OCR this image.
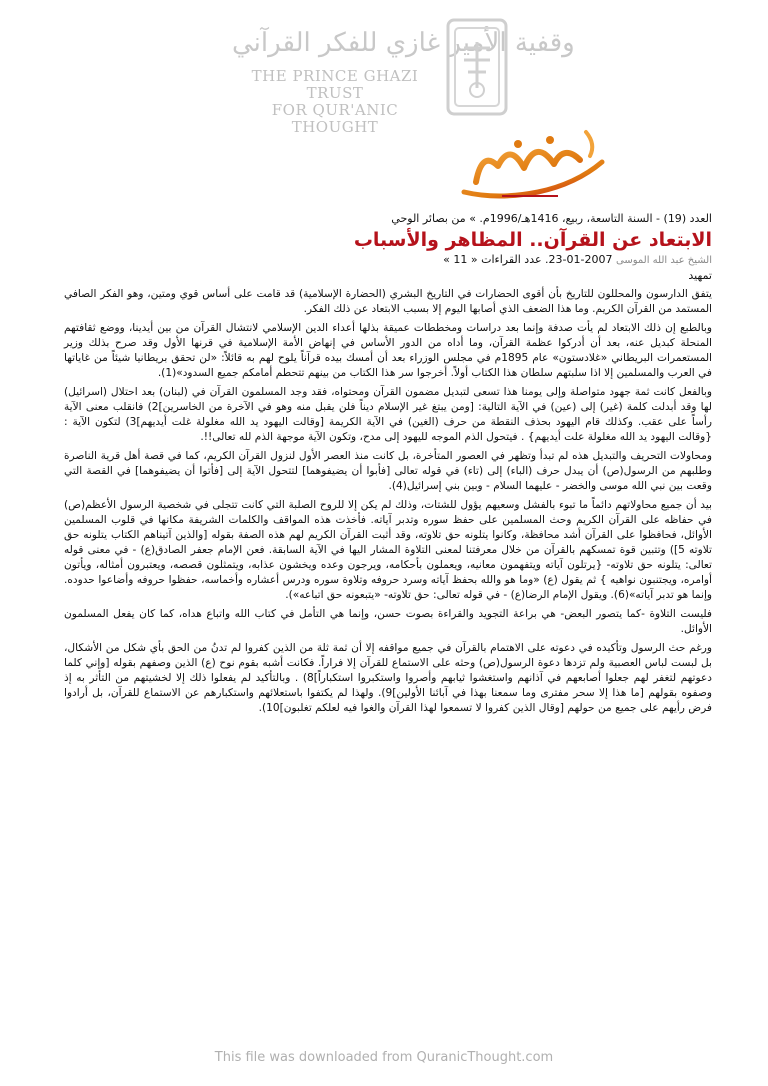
وقفية الأمير غازي للفكر القرآني
THE PRINCE GHAZI TRUST
FOR QUR'ANIC THOUGHT
العدد (19) - السنة التاسعة، ربيع، 1416هـ/1996م. » من بصائر الوحي
الابتعاد عن القرآن.. المظاهر والأسباب
الشيخ عبد الله الموسى 2007-01-23. عدد القراءات « 11 »
تمهيد

يتفق الدارسون والمحللون للتاريخ بأن أقوى الحضارات في التاريخ البشري (الحضارة الإسلامية) قد قامت على أساس قوي ومتين، وهو الفكر الصافي المستمد من القرآن الكريم. وما هذا الضعف الذي أصابها اليوم إلا بسبب الابتعاد عن ذلك الفكر.

وبالطبع إن ذلك الابتعاد لم يأت صدفة وإنما بعد دراسات ومخططات عميقة بذلها أعداء الدين الإسلامي لانتشال القرآن من بين أيدينا، ووضع ثقافتهم المنحلة كبديل عنه، بعد أن أدركوا عظمة القرآن، وما أداه من الدور الأساس في إنهاض الأمة الإسلامية في قرنها الأول وقد صرح بذلك وزير المستعمرات البريطاني «غلادستون» عام 1895م في مجلس الوزراء بعد أن أمسك بيده قرآناً يلوح لهم به قائلاً: «لن تحقق بريطانيا شيئاً من غاياتها في العرب والمسلمين إلا اذا سلبتهم سلطان هذا الكتاب أولاً. أخرجوا سر هذا الكتاب من بينهم تتحطم أمامكم جميع السدود»(1).

وبالفعل كانت ثمة جهود متواصلة وإلى يومنا هذا تسعى لتبديل مضمون القرآن ومحتواه، فقد وجد المسلمون القرآن في (لبنان) بعد احتلال (اسرائيل) لها وقد أبدلت كلمة (غير) إلى (عين) في الآية التالية: [ومن يبتغ غير الإسلام ديناً فلن يقبل منه وهو في الآخرة من الخاسرين]2) فانقلب معنى الآية رأساً على عقب. وكذلك قام اليهود بحذف النقطة من حرف (الغين) في الآية الكريمة [وقالت اليهود يد الله مغلولة غلت أيديهم]3) لتكون الآية : {وقالت اليهود يد الله مغلولة علت أيديهم} . فيتحول الذم الموجه لليهود إلى مدح، وتكون الآية موجهة الذم لله تعالى!!.

ومحاولات التحريف والتبديل هذه لم تبدأ وتظهر في العصور المتأخرة، بل كانت منذ العصر الأول لنزول القرآن الكريم، كما في قصة أهل قرية الناصرة وطلبهم من الرسول(ص) أن يبدل حرف (الباء) إلى (تاء) في قوله تعالى [فأبوا أن يضيفوهما] لتتحول الآية إلى [فأتوا أن يضيفوهما] في القصة التي وقعت بين نبي الله موسى والخضر - عليهما السلام - وبين بني إسرائيل(4).

بيد أن جميع محاولاتهم دائماً ما تبوء بالفشل وسعيهم يؤول للشتات، وذلك لم يكن إلا للروح الصلبة التي كانت تتجلى في شخصية الرسول الأعظم(ص) في حفاظه على القرآن الكريم وحث المسلمين على حفظ سوره وتدبر آياته. فأخذت هذه المواقف والكلمات الشريفة مكانها في قلوب المسلمين الأوائل، فحافظوا على القرآن أشد محافظة، وكانوا يتلونه حق تلاوته، وقد أثبت القرآن الكريم لهم هذه الصفة بقوله [والذين آتيناهم الكتاب يتلونه حق تلاوته 5]) وتتبين قوة تمسكهم بالقرآن من خلال معرفتنا لمعنى التلاوة المشار اليها في الآية السابقة. فعن الإمام جعفر الصادق(ع) - في معنى قوله تعالى: يتلونه حق تلاوته- {يرتلون آياته ويتفهمون معانيه، ويعملون بأحكامه، ويرجون وعده ويخشون عذابه، ويتمثلون قصصه، ويعتبرون أمثاله، ويأتون أوامره، ويجتنبون نواهيه } ثم يقول (ع) «وما هو والله بحفظ آياته وسرد حروفه وتلاوة سوره ودرس أعشاره وأخماسه، حفظوا حروفه وأضاعوا حدوده. وإنما هو تدبر آياته»(6). ويقول الإمام الرضا(ع) - في قوله تعالى: حق تلاوته- «يتبعونه حق اتباعه»).

فليست التلاوة -كما يتصور البعض- هي براعة التجويد والقراءة بصوت حسن، وإنما هي التأمل في كتاب الله واتباع هداه، كما كان يفعل المسلمون الأوائل.

ورغم حث الرسول وتأكيده في دعوته على الاهتمام بالقرآن في جميع مواقفه إلا أن ثمة ثلة من الذين كفروا لم تدنُ من الحق بأي شكل من الأشكال، بل لبست لباس العصبية ولم تزدها دعوة الرسول(ص) وحثه على الاستماع للقرآن إلا فراراً. فكانت أشبه بقوم نوح (ع) الذين وصفهم بقوله [وإني كلما دعوتهم لتغفر لهم جعلوا أصابعهم في آذانهم واستغشوا ثيابهم وأصروا واستكبروا استكباراً]8) . وبالتأكيد لم يفعلوا ذلك إلا لخشيتهم من التأثر به إذ وصفوه بقولهم [ما هذا إلا سحر مفترى وما سمعنا بهذا في آبائنا الأولين]9). ولهذا لم يكتفوا باستعلائهم واستكبارهم عن الاستماع للقرآن، بل أرادوا فرض رأيهم على جميع من حولهم [وقال الذين كفروا لا تسمعوا لهذا القرآن والغوا فيه لعلكم تغلبون]10).

This file was downloaded from QuranicThought.com
